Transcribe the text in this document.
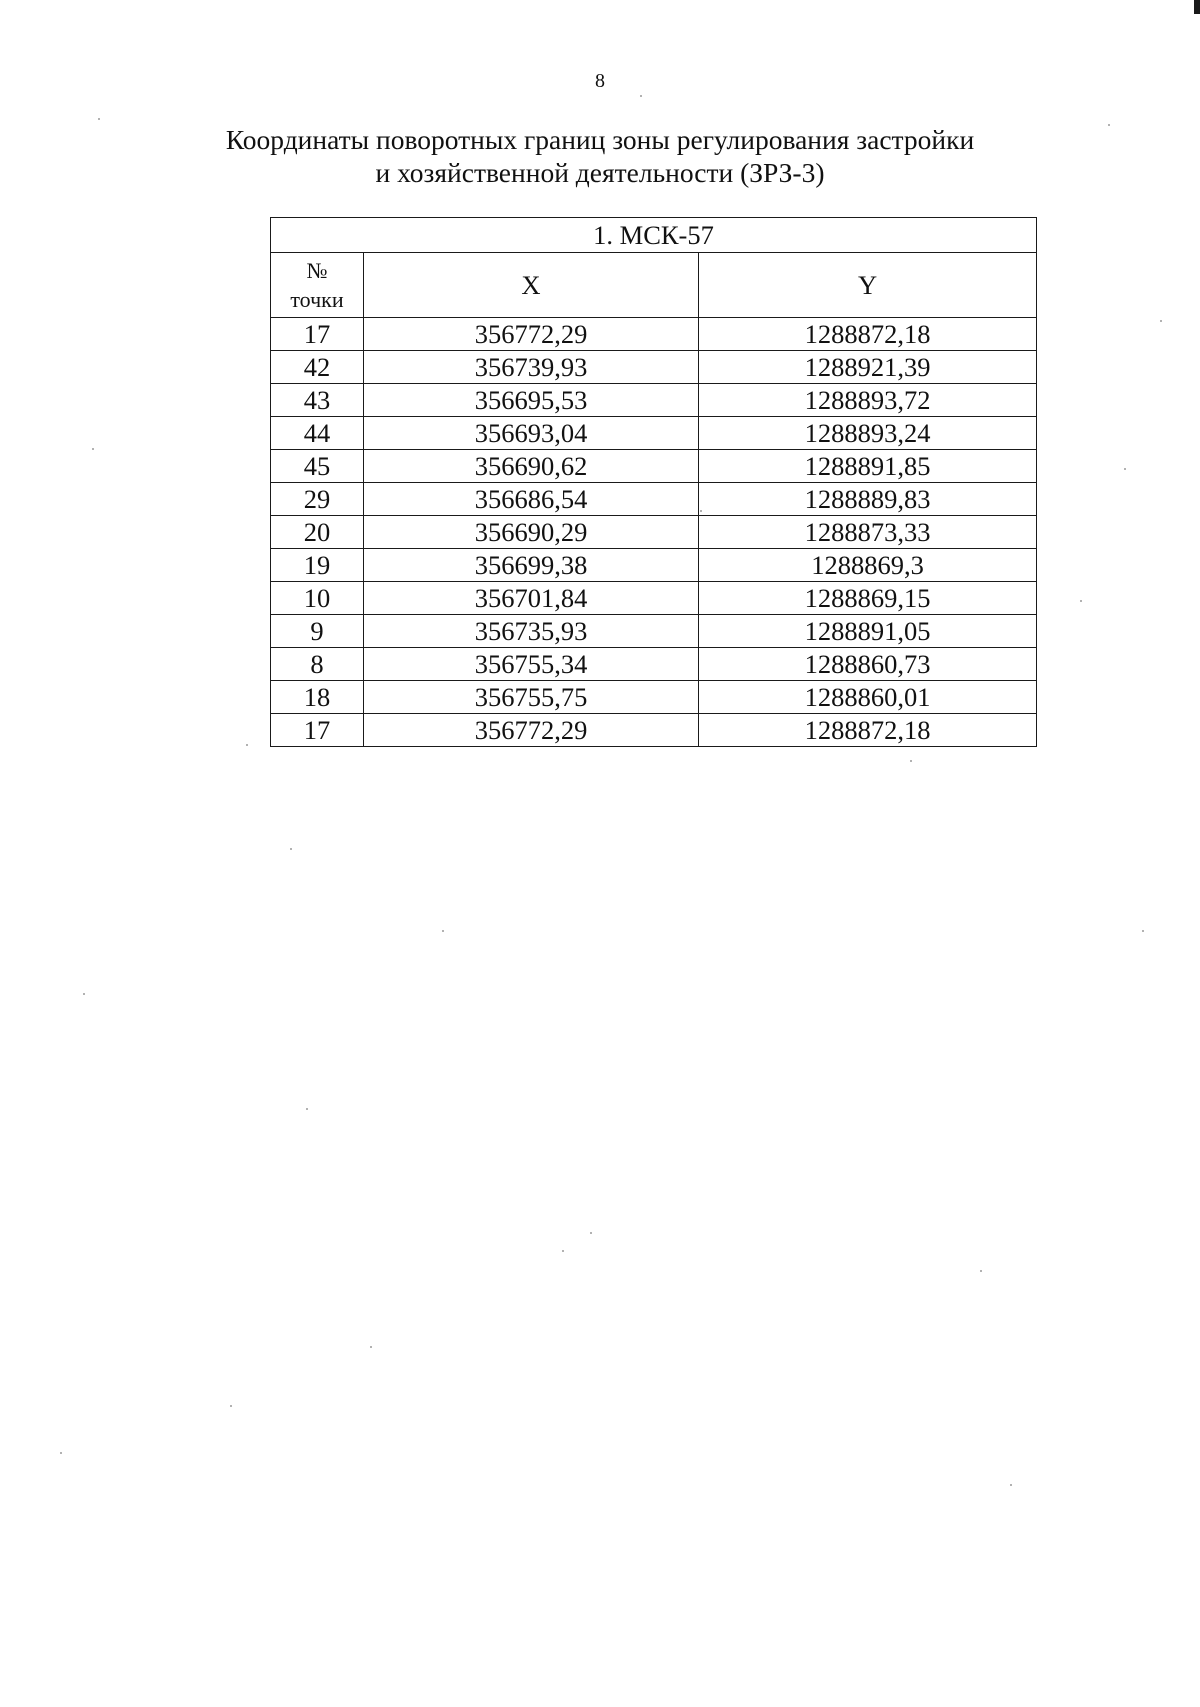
8
Координаты поворотных границ зоны регулирования застройки
и хозяйственной деятельности (ЗРЗ-3)
1. МСК-57		

№
точки	X	Y
17	356772,29	1288872,18
42	356739,93	1288921,39
43	356695,53	1288893,72
44	356693,04	1288893,24
45	356690,62	1288891,85
29	356686,54	1288889,83
20	356690,29	1288873,33
19	356699,38	1288869,3
10	356701,84	1288869,15
9	356735,93	1288891,05
8	356755,34	1288860,73
18	356755,75	1288860,01
17	356772,29	1288872,18
